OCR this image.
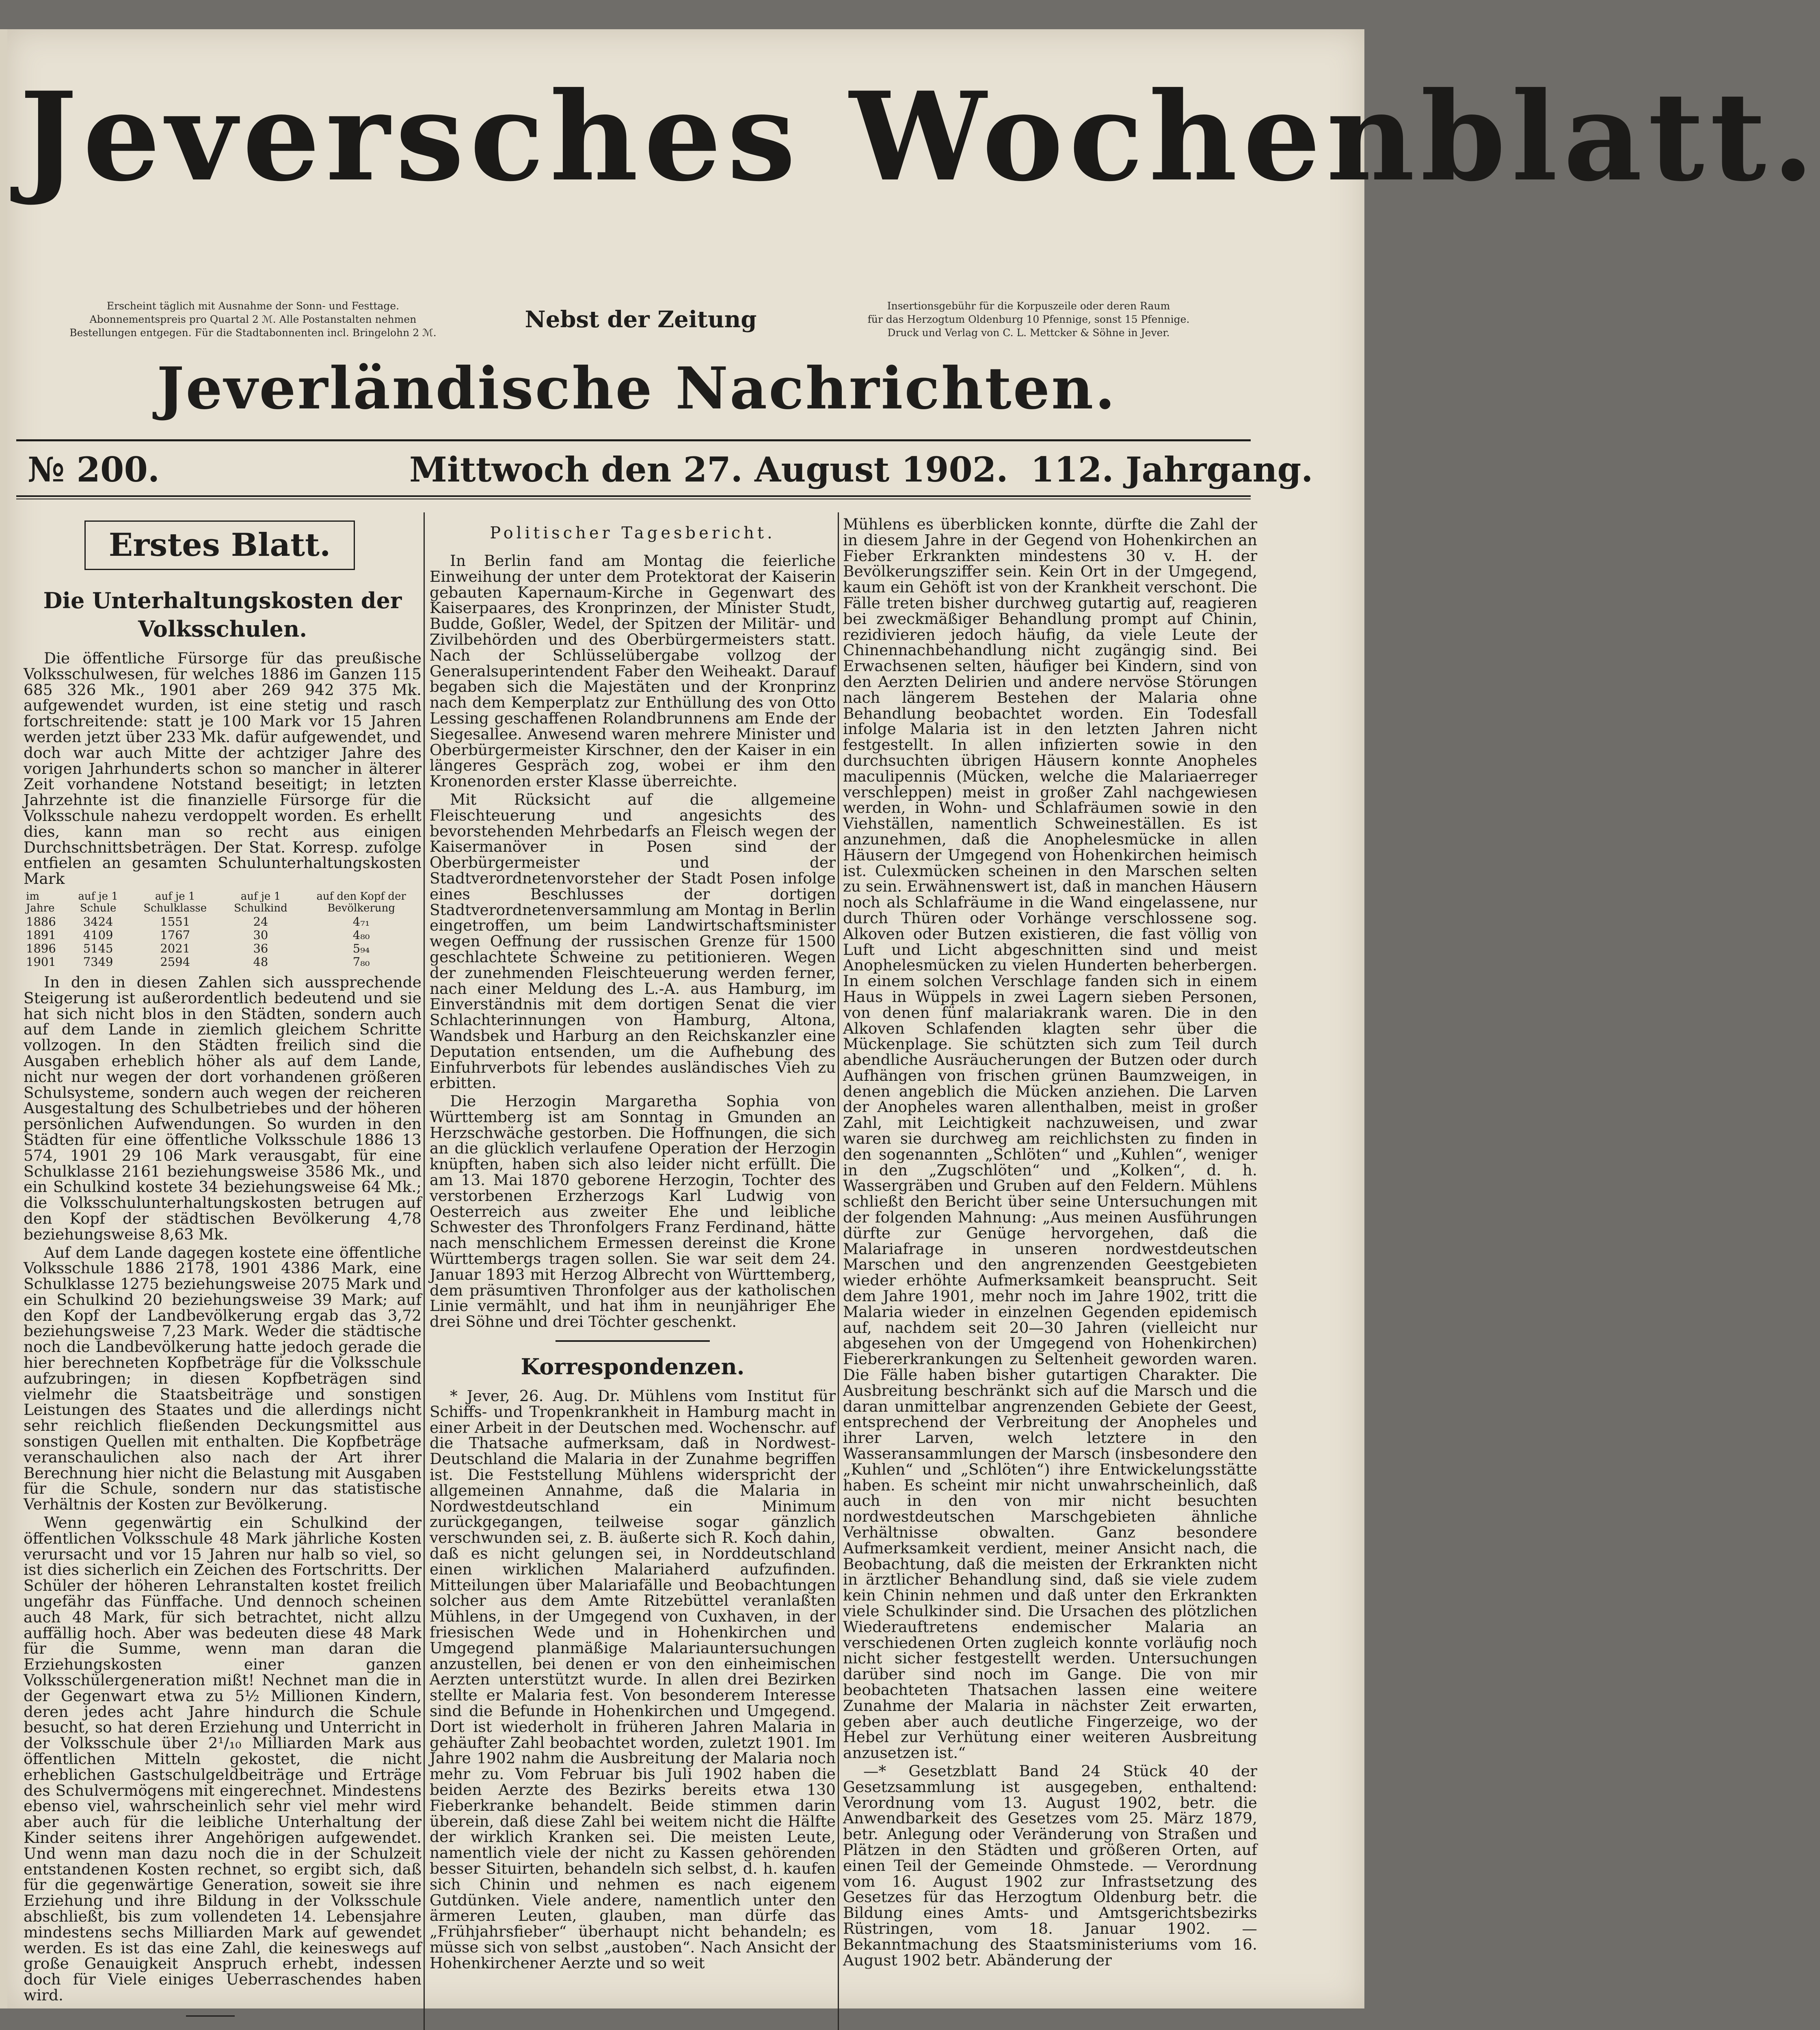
Jeversches Wochenblatt.
Erscheint täglich mit Ausnahme der Sonn- und Festtage.
Abonnementspreis pro Quartal 2 ℳ. Alle Postanstalten nehmen
Bestellungen entgegen. Für die Stadtabonnenten incl. Bringelohn 2 ℳ.	Nebst der Zeitung
Insertionsgebühr für die Korpuszeile oder deren Raum
für das Herzogtum Oldenburg 10 Pfennige, sonst 15 Pfennige.
Druck und Verlag von C. L. Mettcker & Söhne in Jever.
Jeverländische Nachrichten.
№ 200.	Mittwoch den 27. August 1902. 112. Jahrgang.
Erstes Blatt.
Die Unterhaltungskosten der Volksschulen.

Die öffentliche Fürsorge für das preußische Volksschulwesen, für welches 1886 im Ganzen 115 685 326 Mk., 1901 aber 269 942 375 Mk. aufgewendet wurden, ist eine stetig und rasch fortschreitende: statt je 100 Mark vor 15 Jahren werden jetzt über 233 Mk. dafür aufgewendet, und doch war auch Mitte der achtziger Jahre des vorigen Jahrhunderts schon so mancher in älterer Zeit vorhandene Notstand beseitigt; in letzten Jahrzehnte ist die finanzielle Fürsorge für die Volksschule nahezu verdoppelt worden. Es erhellt dies, kann man so recht aus einigen Durchschnittsbeträgen. Der Stat. Korresp. zufolge entfielen an gesamten Schulunterhaltungskosten Mark

im Jahre	auf je 1 Schule	auf je 1 Schulklasse	auf je 1 Schulkind	auf den Kopf der Bevölkerung
1886	3424	1551	24	4₇₁
1891	4109	1767	30	4₈₀
1896	5145	2021	36	5₉₄
1901	7349	2594	48	7₈₀

In den in diesen Zahlen sich aussprechende Steigerung ist außerordentlich bedeutend und sie hat sich nicht blos in den Städten, sondern auch auf dem Lande in ziemlich gleichem Schritte vollzogen. In den Städten freilich sind die Ausgaben erheblich höher als auf dem Lande, nicht nur wegen der dort vorhandenen größeren Schulsysteme, sondern auch wegen der reicheren Ausgestaltung des Schulbetriebes und der höheren persönlichen Aufwendungen. So wurden in den Städten für eine öffentliche Volksschule 1886 13 574, 1901 29 106 Mark verausgabt, für eine Schulklasse 2161 beziehungsweise 3586 Mk., und ein Schulkind kostete 34 beziehungsweise 64 Mk.; die Volksschulunterhaltungskosten betrugen auf den Kopf der städtischen Bevölkerung 4,78 beziehungsweise 8,63 Mk.

Auf dem Lande dagegen kostete eine öffentliche Volksschule 1886 2178, 1901 4386 Mark, eine Schulklasse 1275 beziehungsweise 2075 Mark und ein Schulkind 20 beziehungsweise 39 Mark; auf den Kopf der Landbevölkerung ergab das 3,72 beziehungsweise 7,23 Mark. Weder die städtische noch die Landbevölkerung hatte jedoch gerade die hier berechneten Kopfbeträge für die Volksschule aufzubringen; in diesen Kopfbeträgen sind vielmehr die Staatsbeiträge und sonstigen Leistungen des Staates und die allerdings nicht sehr reichlich fließenden Deckungsmittel aus sonstigen Quellen mit enthalten. Die Kopfbeträge veranschaulichen also nach der Art ihrer Berechnung hier nicht die Belastung mit Ausgaben für die Schule, sondern nur das statistische Verhältnis der Kosten zur Bevölkerung.

Wenn gegenwärtig ein Schulkind der öffentlichen Volksschule 48 Mark jährliche Kosten verursacht und vor 15 Jahren nur halb so viel, so ist dies sicherlich ein Zeichen des Fortschritts. Der Schüler der höheren Lehranstalten kostet freilich ungefähr das Fünffache. Und dennoch scheinen auch 48 Mark, für sich betrachtet, nicht allzu auffällig hoch. Aber was bedeuten diese 48 Mark für die Summe, wenn man daran die Erziehungskosten einer ganzen Volksschülergeneration mißt! Nechnet man die in der Gegenwart etwa zu 5½ Millionen Kindern, deren jedes acht Jahre hindurch die Schule besucht, so hat deren Erziehung und Unterricht in der Volksschule über 2¹/₁₀ Milliarden Mark aus öffentlichen Mitteln gekostet, die nicht erheblichen Gastschulgeldbeiträge und Erträge des Schulvermögens mit eingerechnet. Mindestens ebenso viel, wahrscheinlich sehr viel mehr wird aber auch für die leibliche Unterhaltung der Kinder seitens ihrer Angehörigen aufgewendet. Und wenn man dazu noch die in der Schulzeit entstandenen Kosten rechnet, so ergibt sich, daß für die gegenwärtige Generation, soweit sie ihre Erziehung und ihre Bildung in der Volksschule abschließt, bis zum vollendeten 14. Lebensjahre mindestens sechs Milliarden Mark auf gewendet werden. Es ist das eine Zahl, die keineswegs auf große Genauigkeit Anspruch erhebt, indessen doch für Viele einiges Ueberraschendes haben wird.

Politischer Tagesbericht.

In Berlin fand am Montag die feierliche Einweihung der unter dem Protektorat der Kaiserin gebauten Kapernaum-Kirche in Gegenwart des Kaiserpaares, des Kronprinzen, der Minister Studt, Budde, Goßler, Wedel, der Spitzen der Militär- und Zivilbehörden und des Oberbürgermeisters statt. Nach der Schlüsselübergabe vollzog der Generalsuperintendent Faber den Weiheakt. Darauf begaben sich die Majestäten und der Kronprinz nach dem Kemperplatz zur Enthüllung des von Otto Lessing geschaffenen Rolandbrunnens am Ende der Siegesallee. Anwesend waren mehrere Minister und Oberbürgermeister Kirschner, den der Kaiser in ein längeres Gespräch zog, wobei er ihm den Kronenorden erster Klasse überreichte.

Mit Rücksicht auf die allgemeine Fleischteuerung und angesichts des bevorstehenden Mehrbedarfs an Fleisch wegen der Kaisermanöver in Posen sind der Oberbürgermeister und der Stadtverordnetenvorsteher der Stadt Posen infolge eines Beschlusses der dortigen Stadtverordnetenversammlung am Montag in Berlin eingetroffen, um beim Landwirtschaftsminister wegen Oeffnung der russischen Grenze für 1500 geschlachtete Schweine zu petitionieren. Wegen der zunehmenden Fleischteuerung werden ferner, nach einer Meldung des L.-A. aus Hamburg, im Einverständnis mit dem dortigen Senat die vier Schlachterinnungen von Hamburg, Altona, Wandsbek und Harburg an den Reichskanzler eine Deputation entsenden, um die Aufhebung des Einfuhrverbots für lebendes ausländisches Vieh zu erbitten.

Die Herzogin Margaretha Sophia von Württemberg ist am Sonntag in Gmunden an Herzschwäche gestorben. Die Hoffnungen, die sich an die glücklich verlaufene Operation der Herzogin knüpften, haben sich also leider nicht erfüllt. Die am 13. Mai 1870 geborene Herzogin, Tochter des verstorbenen Erzherzogs Karl Ludwig von Oesterreich aus zweiter Ehe und leibliche Schwester des Thronfolgers Franz Ferdinand, hätte nach menschlichem Ermessen dereinst die Krone Württembergs tragen sollen. Sie war seit dem 24. Januar 1893 mit Herzog Albrecht von Württemberg, dem präsumtiven Thronfolger aus der katholischen Linie vermählt, und hat ihm in neunjähriger Ehe drei Söhne und drei Töchter geschenkt.

Korrespondenzen.

* Jever, 26. Aug. Dr. Mühlens vom Institut für Schiffs- und Tropenkrankheit in Hamburg macht in einer Arbeit in der Deutschen med. Wochenschr. auf die Thatsache aufmerksam, daß in Nordwest-Deutschland die Malaria in der Zunahme begriffen ist. Die Feststellung Mühlens widerspricht der allgemeinen Annahme, daß die Malaria in Nordwestdeutschland ein Minimum zurückgegangen, teilweise sogar gänzlich verschwunden sei, z. B. äußerte sich R. Koch dahin, daß es nicht gelungen sei, in Norddeutschland einen wirklichen Malariaherd aufzufinden. Mitteilungen über Malariafälle und Beobachtungen solcher aus dem Amte Ritzebüttel veranlaßten Mühlens, in der Umgegend von Cuxhaven, in der friesischen Wede und in Hohenkirchen und Umgegend planmäßige Malariauntersuchungen anzustellen, bei denen er von den einheimischen Aerzten unterstützt wurde. In allen drei Bezirken stellte er Malaria fest. Von besonderem Interesse sind die Befunde in Hohenkirchen und Umgegend. Dort ist wiederholt in früheren Jahren Malaria in gehäufter Zahl beobachtet worden, zuletzt 1901. Im Jahre 1902 nahm die Ausbreitung der Malaria noch mehr zu. Vom Februar bis Juli 1902 haben die beiden Aerzte des Bezirks bereits etwa 130 Fieberkranke behandelt. Beide stimmen darin überein, daß diese Zahl bei weitem nicht die Hälfte der wirklich Kranken sei. Die meisten Leute, namentlich viele der nicht zu Kassen gehörenden besser Situirten, behandeln sich selbst, d. h. kaufen sich Chinin und nehmen es nach eigenem Gutdünken. Viele andere, namentlich unter den ärmeren Leuten, glauben, man dürfe das „Frühjahrsfieber“ überhaupt nicht behandeln; es müsse sich von selbst „austoben“. Nach Ansicht der Hohenkirchener Aerzte und so weit

Mühlens es überblicken konnte, dürfte die Zahl der in diesem Jahre in der Gegend von Hohenkirchen an Fieber Erkrankten mindestens 30 v. H. der Bevölkerungsziffer sein. Kein Ort in der Umgegend, kaum ein Gehöft ist von der Krankheit verschont. Die Fälle treten bisher durchweg gutartig auf, reagieren bei zweckmäßiger Behandlung prompt auf Chinin, rezidivieren jedoch häufig, da viele Leute der Chinennachbehandlung nicht zugängig sind. Bei Erwachsenen selten, häufiger bei Kindern, sind von den Aerzten Delirien und andere nervöse Störungen nach längerem Bestehen der Malaria ohne Behandlung beobachtet worden. Ein Todesfall infolge Malaria ist in den letzten Jahren nicht festgestellt. In allen infizierten sowie in den durchsuchten übrigen Häusern konnte Anopheles maculipennis (Mücken, welche die Malariaerreger verschleppen) meist in großer Zahl nachgewiesen werden, in Wohn- und Schlafräumen sowie in den Viehställen, namentlich Schweineställen. Es ist anzunehmen, daß die Anophelesmücke in allen Häusern der Umgegend von Hohenkirchen heimisch ist. Culexmücken scheinen in den Marschen selten zu sein. Erwähnenswert ist, daß in manchen Häusern noch als Schlafräume in die Wand eingelassene, nur durch Thüren oder Vorhänge verschlossene sog. Alkoven oder Butzen existieren, die fast völlig von Luft und Licht abgeschnitten sind und meist Anophelesmücken zu vielen Hunderten beherbergen. In einem solchen Verschlage fanden sich in einem Haus in Wüppels in zwei Lagern sieben Personen, von denen fünf malariakrank waren. Die in den Alkoven Schlafenden klagten sehr über die Mückenplage. Sie schützten sich zum Teil durch abendliche Ausräucherungen der Butzen oder durch Aufhängen von frischen grünen Baumzweigen, in denen angeblich die Mücken anziehen. Die Larven der Anopheles waren allenthalben, meist in großer Zahl, mit Leichtigkeit nachzuweisen, und zwar waren sie durchweg am reichlichsten zu finden in den sogenannten „Schlöten“ und „Kuhlen“, weniger in den „Zugschlöten“ und „Kolken“, d. h. Wassergräben und Gruben auf den Feldern. Mühlens schließt den Bericht über seine Untersuchungen mit der folgenden Mahnung: „Aus meinen Ausführungen dürfte zur Genüge hervorgehen, daß die Malariafrage in unseren nordwestdeutschen Marschen und den angrenzenden Geestgebieten wieder erhöhte Aufmerksamkeit beansprucht. Seit dem Jahre 1901, mehr noch im Jahre 1902, tritt die Malaria wieder in einzelnen Gegenden epidemisch auf, nachdem seit 20—30 Jahren (vielleicht nur abgesehen von der Umgegend von Hohenkirchen) Fiebererkrankungen zu Seltenheit geworden waren. Die Fälle haben bisher gutartigen Charakter. Die Ausbreitung beschränkt sich auf die Marsch und die daran unmittelbar angrenzenden Gebiete der Geest, entsprechend der Verbreitung der Anopheles und ihrer Larven, welch letztere in den Wasseransammlungen der Marsch (insbesondere den „Kuhlen“ und „Schlöten“) ihre Entwickelungsstätte haben. Es scheint mir nicht unwahrscheinlich, daß auch in den von mir nicht besuchten nordwestdeutschen Marschgebieten ähnliche Verhältnisse obwalten. Ganz besondere Aufmerksamkeit verdient, meiner Ansicht nach, die Beobachtung, daß die meisten der Erkrankten nicht in ärztlicher Behandlung sind, daß sie viele zudem kein Chinin nehmen und daß unter den Erkrankten viele Schulkinder sind. Die Ursachen des plötzlichen Wiederauftretens endemischer Malaria an verschiedenen Orten zugleich konnte vorläufig noch nicht sicher festgestellt werden. Untersuchungen darüber sind noch im Gange. Die von mir beobachteten Thatsachen lassen eine weitere Zunahme der Malaria in nächster Zeit erwarten, geben aber auch deutliche Fingerzeige, wo der Hebel zur Verhütung einer weiteren Ausbreitung anzusetzen ist.“

—* Gesetzblatt Band 24 Stück 40 der Gesetzsammlung ist ausgegeben, enthaltend: Verordnung vom 13. August 1902, betr. die Anwendbarkeit des Gesetzes vom 25. März 1879, betr. Anlegung oder Veränderung von Straßen und Plätzen in den Städten und größeren Orten, auf einen Teil der Gemeinde Ohmstede. — Verordnung vom 16. August 1902 zur Infrastsetzung des Gesetzes für das Herzogtum Oldenburg betr. die Bildung eines Amts- und Amtsgerichtsbezirks Rüstringen, vom 18. Januar 1902. — Bekanntmachung des Staatsministeriums vom 16. August 1902 betr. Abänderung der
